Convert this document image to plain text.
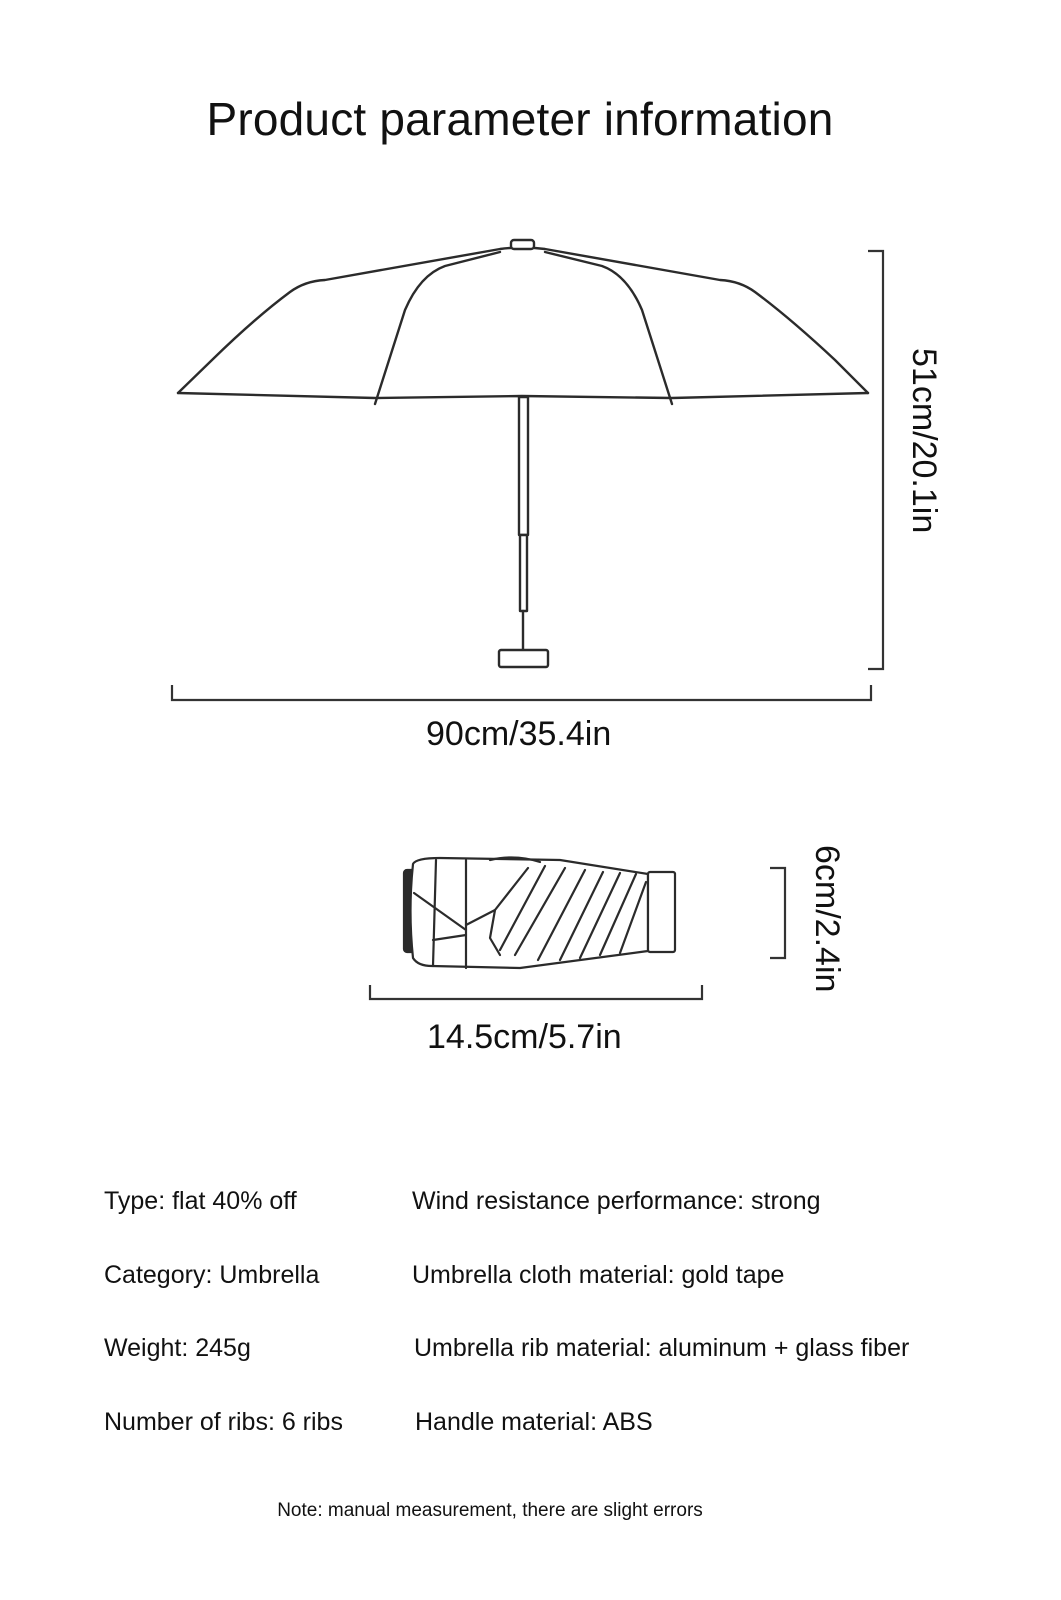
Product parameter information
51cm/20.1in
90cm/35.4in
6cm/2.4in
14.5cm/5.7in
Type: flat 40% off
Category: Umbrella
Weight: 245g
Number of ribs: 6 ribs
Wind resistance performance: strong
Umbrella cloth material: gold tape
Umbrella rib material: aluminum + glass fiber
Handle material: ABS
Note: manual measurement, there are slight errors
